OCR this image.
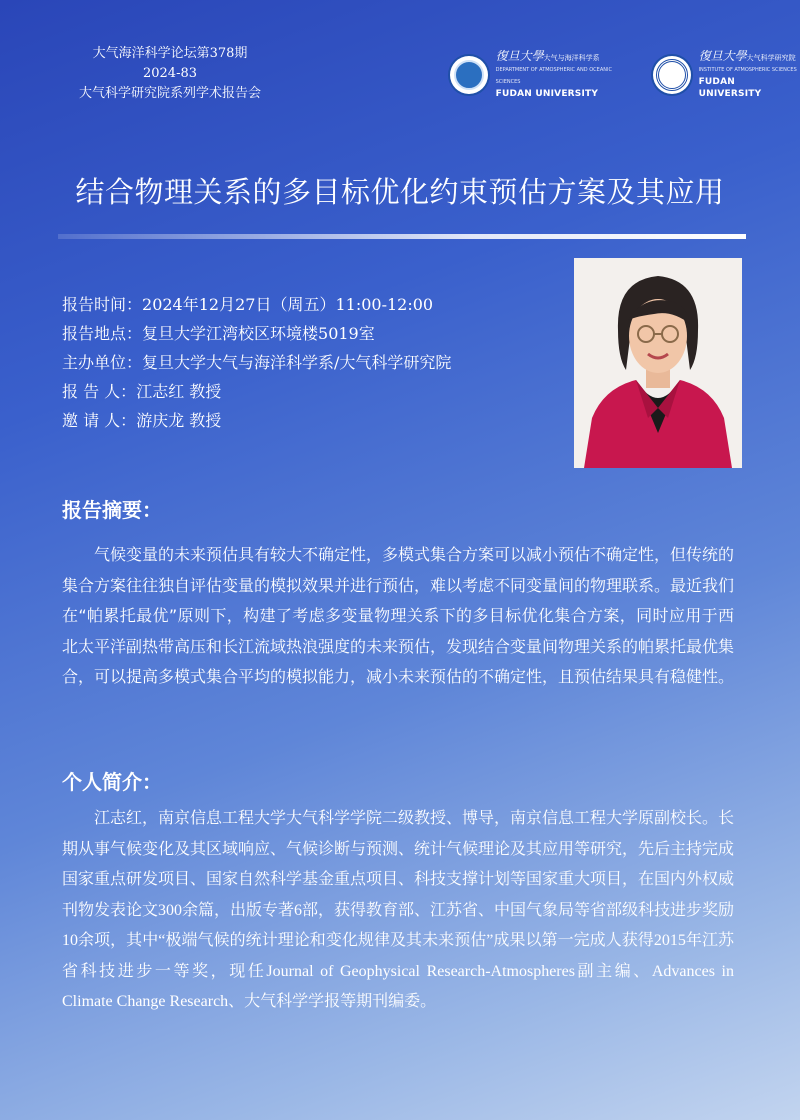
大气海洋科学论坛第378期
2024-83
大气科学研究院系列学术报告会
復旦大學大气与海洋科学系
DEPARTMENT OF ATMOSPHERIC AND OCEANIC SCIENCES
FUDAN UNIVERSITY
復旦大學大气科学研究院
INSTITUTE OF ATMOSPHERIC SCIENCES
FUDAN UNIVERSITY
结合物理关系的多目标优化约束预估方案及其应用
报告时间：2024年12月27日（周五）11:00-12:00
报告地点：复旦大学江湾校区环境楼5019室
主办单位：复旦大学大气与海洋科学系/大气科学研究院
报 告 人：江志红 教授
邀 请 人：游庆龙 教授
报告摘要：

气候变量的未来预估具有较大不确定性，多模式集合方案可以减小预估不确定性，但传统的集合方案往往独自评估变量的模拟效果并进行预估，难以考虑不同变量间的物理联系。最近我们在“帕累托最优”原则下，构建了考虑多变量物理关系下的多目标优化集合方案，同时应用于西北太平洋副热带高压和长江流域热浪强度的未来预估，发现结合变量间物理关系的帕累托最优集合，可以提高多模式集合平均的模拟能力，减小未来预估的不确定性，且预估结果具有稳健性。

个人简介：

江志红，南京信息工程大学大气科学学院二级教授、博导，南京信息工程大学原副校长。长期从事气候变化及其区域响应、气候诊断与预测、统计气候理论及其应用等研究，先后主持完成国家重点研发项目、国家自然科学基金重点项目、科技支撑计划等国家重大项目，在国内外权威刊物发表论文300余篇，出版专著6部，获得教育部、江苏省、中国气象局等省部级科技进步奖励10余项，其中“极端气候的统计理论和变化规律及其未来预估”成果以第一完成人获得2015年江苏省科技进步一等奖，现任Journal of Geophysical Research-Atmospheres副主编、Advances in Climate Change Research、大气科学学报等期刊编委。
